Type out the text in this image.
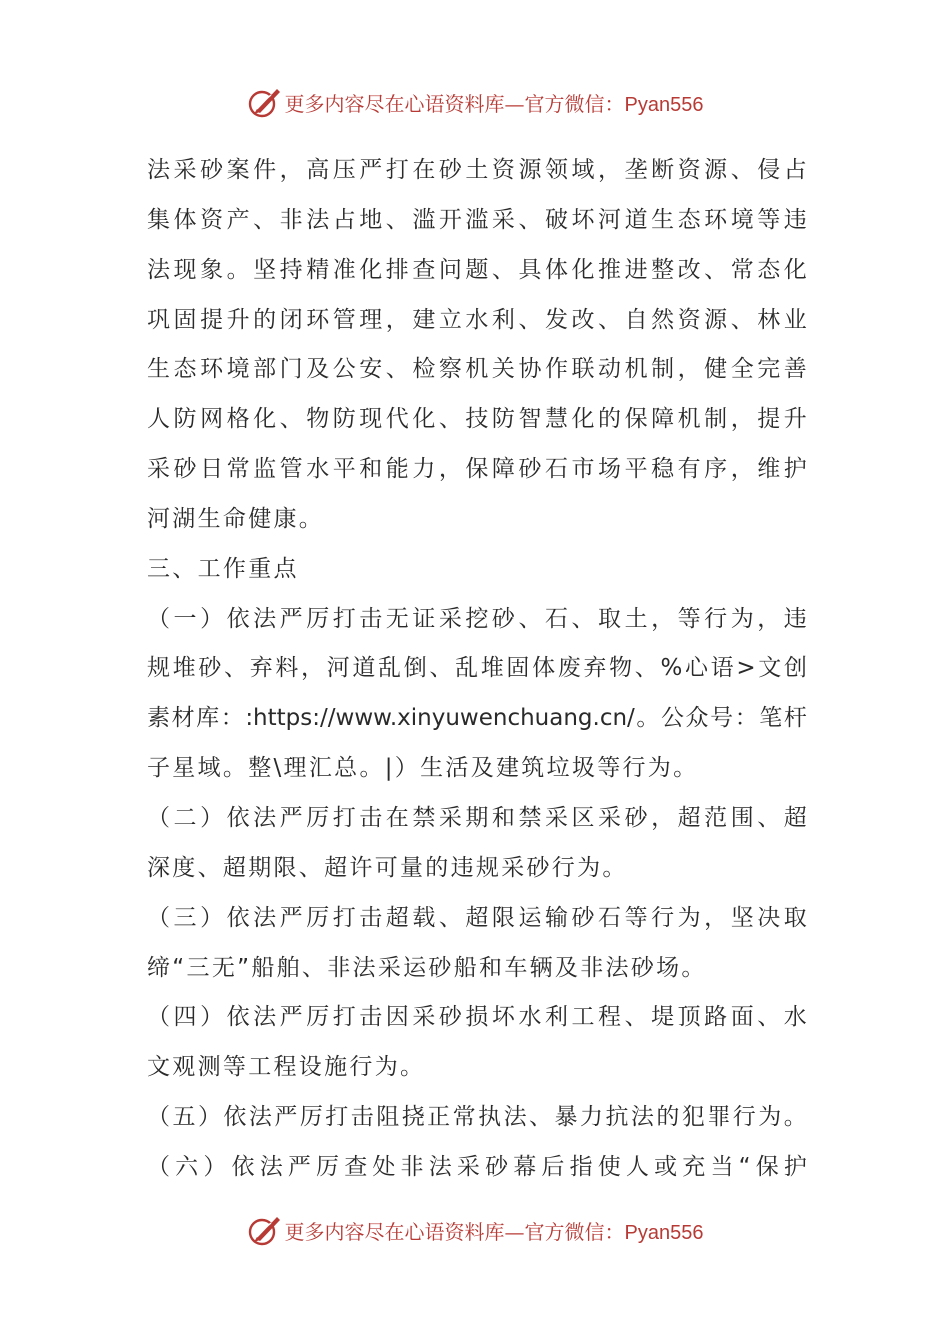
更多内容尽在心语资料库—官方微信：Pyan556
法 采 砂 案 件 ， 高 压 严 打 在 砂 土 资 源 领 域 ， 垄 断 资 源 、 侵 占
集 体 资 产 、 非 法 占 地 、 滥 开 滥 采 、 破 坏 河 道 生 态 环 境 等 违
法 现 象 。 坚 持 精 准 化 排 查 问 题 、 具 体 化 推 进 整 改 、 常 态 化
巩 固 提 升 的 闭 环 管 理 ， 建 立 水 利 、 发 改 、 自 然 资 源 、 林 业
生 态 环 境 部 门 及 公 安 、 检 察 机 关 协 作 联 动 机 制 ， 健 全 完 善
人 防 网 格 化 、 物 防 现 代 化 、 技 防 智 慧 化 的 保 障 机 制 ， 提 升
采 砂 日 常 监 管 水 平 和 能 力 ， 保 障 砂 石 市 场 平 稳 有 序 ， 维 护
河湖生命健康。
三、工作重点
（ 一 ） 依 法 严 厉 打 击 无 证 采 挖 砂 、 石 、 取 土 ， 等 行 为 ， 违
规 堆 砂 、 弃 料 ， 河 道 乱 倒 、 乱 堆 固 体 废 弃 物 、 % 心 语 > 文 创
素 材 库 ： :https://www.xinyuwenchuang.cn/ 。 公 众 号 ： 笔 杆
子星域。整\理汇总。|）生活及建筑垃圾等行为。
（ 二 ） 依 法 严 厉 打 击 在 禁 采 期 和 禁 采 区 采 砂 ， 超 范 围 、 超
深度、超期限、超许可量的违规采砂行为。
（ 三 ） 依 法 严 厉 打 击 超 载 、 超 限 运 输 砂 石 等 行 为 ， 坚 决 取
缔“三无”船舶、非法采运砂船和车辆及非法砂场。
（ 四 ） 依 法 严 厉 打 击 因 采 砂 损 坏 水 利 工 程 、 堤 顶 路 面 、 水
文观测等工程设施行为。
（ 五 ） 依 法 严 厉 打 击 阻 挠 正 常 执 法 、 暴 力 抗 法 的 犯 罪 行 为 。
（ 六 ） 依 法 严 厉 查 处 非 法 采 砂 幕 后 指 使 人 或 充 当 “ 保 护
更多内容尽在心语资料库—官方微信：Pyan556
